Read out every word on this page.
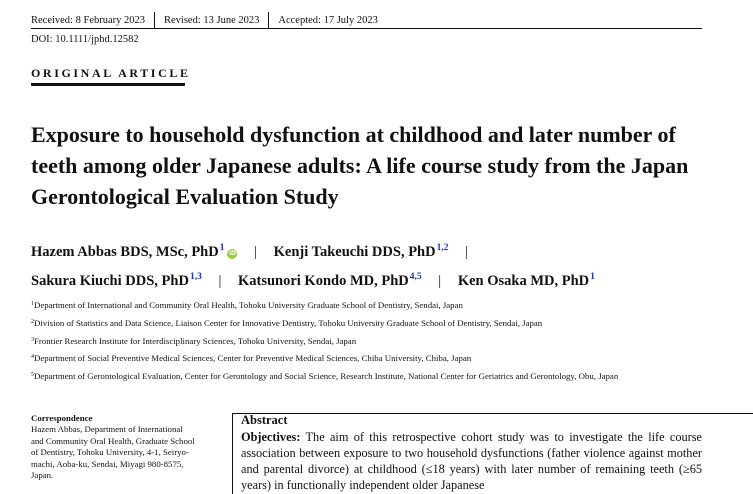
Received: 8 February 2023 Revised: 13 June 2023 Accepted: 17 July 2023
DOI: 10.1111/jphd.12582
ORIGINAL ARTICLE
Exposure to household dysfunction at childhood and later number of teeth among older Japanese adults: A life course study from the Japan Gerontological Evaluation Study
Hazem Abbas BDS, MSc, PhD$^1$iD | Kenji Takeuchi DDS, PhD$^{1,2}$ |
Sakura Kiuchi DDS, PhD$^{1,3}$ | Katsunori Kondo MD, PhD$^{4,5}$ | Ken Osaka MD, PhD$^1$
$^1$Department of International and Community Oral Health, Tohoku University Graduate School of Dentistry, Sendai, Japan
$^2$Division of Statistics and Data Science, Liaison Center for Innovative Dentistry, Tohoku University Graduate School of Dentistry, Sendai, Japan
$^3$Frontier Research Institute for Interdisciplinary Sciences, Tohoku University, Sendai, Japan
$^4$Department of Social Preventive Medical Sciences, Center for Preventive Medical Sciences, Chiba University, Chiba, Japan
$^5$Department of Gerontological Evaluation, Center for Gerontology and Social Science, Research Institute, National Center for Geriatrics and Gerontology, Obu, Japan
Correspondence
Hazem Abbas, Department of International
and Community Oral Health, Graduate School
of Dentistry, Tohoku University, 4-1, Seiryo-
machi, Aoba-ku, Sendai, Miyagi 980-8575,
Japan.
Abstract
Objectives: The aim of this retrospective cohort study was to investigate the life course association between exposure to two household dysfunctions (father violence against mother and parental divorce) at childhood (≤18 years) with later number of remaining teeth (≥65 years) in functionally independent older Japanese
